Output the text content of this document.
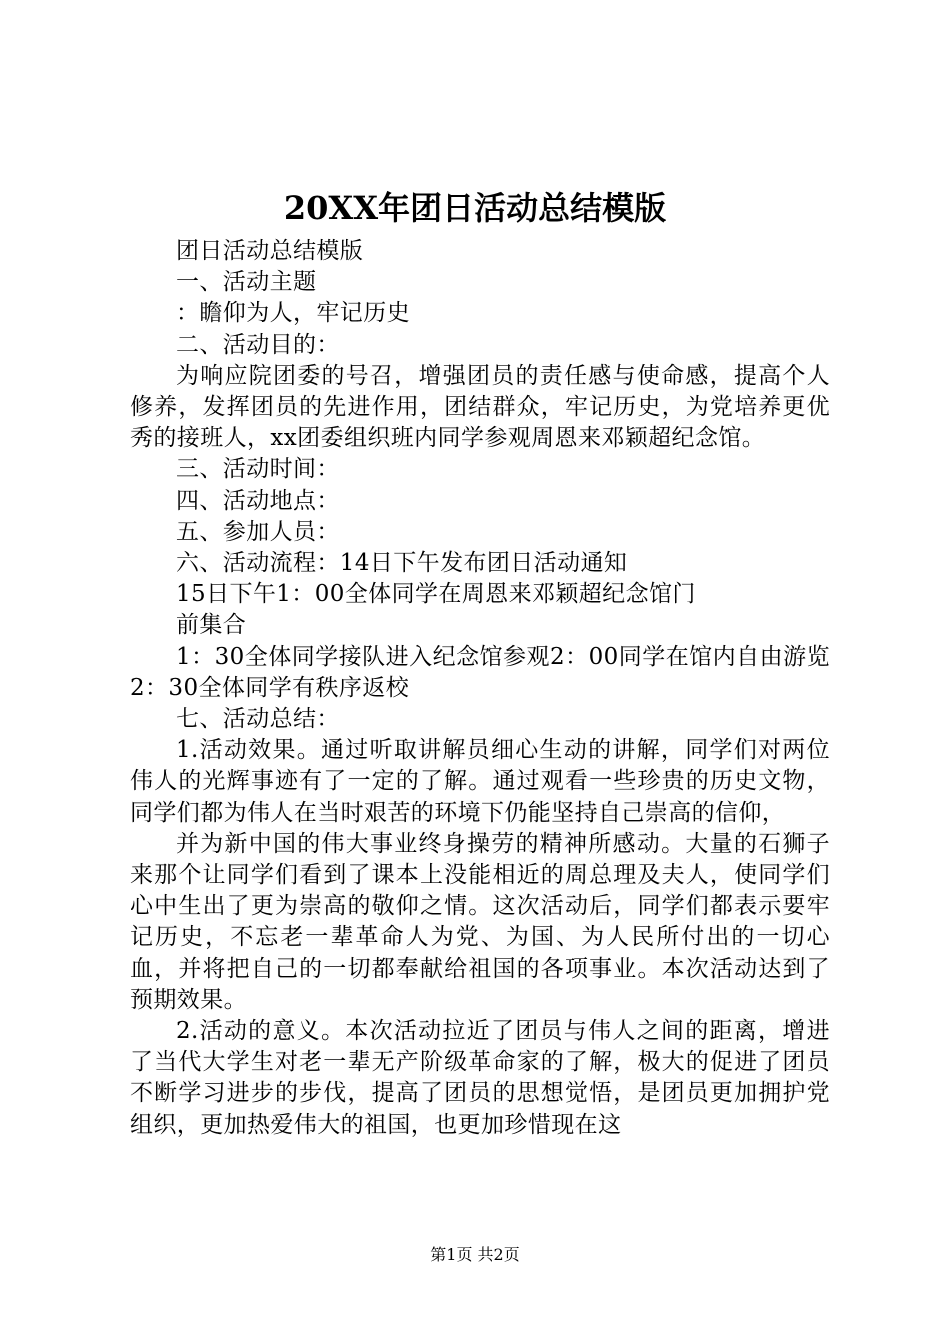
20XX年团日活动总结模版

团日活动总结模版

一、活动主题

：瞻仰为人，牢记历史

二、活动目的：

为响应院团委的号召，增强团员的责任感与使命感，提高个人修养，发挥团员的先进作用，团结群众，牢记历史，为党培养更优秀的接班人，xx团委组织班内同学参观周恩来邓颖超纪念馆。

三、活动时间：

四、活动地点：

五、参加人员：

六、活动流程：14日下午发布团日活动通知

15日下午1：00全体同学在周恩来邓颖超纪念馆门

前集合

1：30全体同学接队进入纪念馆参观2：00同学在馆内自由游览2：30全体同学有秩序返校

七、活动总结：

1.活动效果。通过听取讲解员细心生动的讲解，同学们对两位伟人的光辉事迹有了一定的了解。通过观看一些珍贵的历史文物，同学们都为伟人在当时艰苦的环境下仍能坚持自己崇高的信仰，

并为新中国的伟大事业终身操劳的精神所感动。大量的石狮子来那个让同学们看到了课本上没能相近的周总理及夫人，使同学们心中生出了更为崇高的敬仰之情。这次活动后，同学们都表示要牢记历史，不忘老一辈革命人为党、为国、为人民所付出的一切心血，并将把自己的一切都奉献给祖国的各项事业。本次活动达到了预期效果。

2.活动的意义。本次活动拉近了团员与伟人之间的距离，增进了当代大学生对老一辈无产阶级革命家的了解，极大的促进了团员不断学习进步的步伐，提高了团员的思想觉悟，是团员更加拥护党组织，更加热爱伟大的祖国，也更加珍惜现在这

第1页 共2页
